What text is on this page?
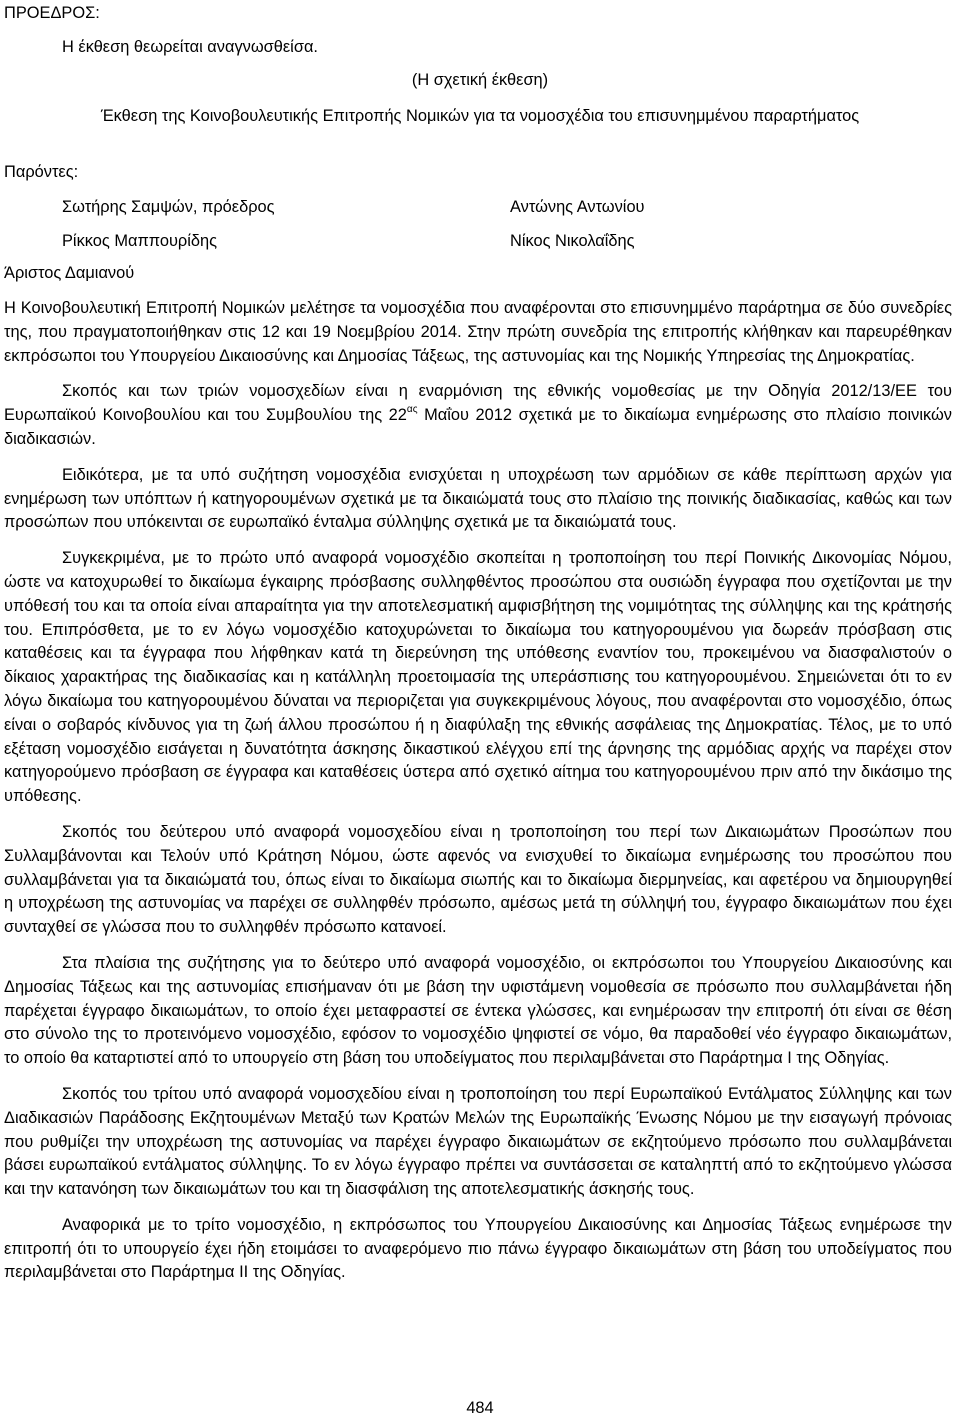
ΠΡΟΕΔΡΟΣ:
Η έκθεση θεωρείται αναγνωσθείσα.
(Η σχετική έκθεση)
Έκθεση της Κοινοβουλευτικής Επιτροπής Νομικών για τα νομοσχέδια του επισυνημμένου παραρτήματος
Παρόντες:
Σωτήρης Σαμψών, πρόεδρος
Ρίκκος Μαππουρίδης
Άριστος Δαμιανού
Αντώνης Αντωνίου
Νίκος Νικολαΐδης

Η Κοινοβουλευτική Επιτροπή Νομικών μελέτησε τα νομοσχέδια που αναφέρονται στο επισυνημμένο παράρτημα σε δύο συνεδρίες της, που πραγματοποιήθηκαν στις 12 και 19 Νοεμβρίου 2014. Στην πρώτη συνεδρία της επιτροπής κλήθηκαν και παρευρέθηκαν εκπρόσωποι του Υπουργείου Δικαιοσύνης και Δημοσίας Τάξεως, της αστυνομίας και της Νομικής Υπηρεσίας της Δημοκρατίας.

Σκοπός και των τριών νομοσχεδίων είναι η εναρμόνιση της εθνικής νομοθεσίας με την Οδηγία 2012/13/ΕΕ του Ευρωπαϊκού Κοινοβουλίου και του Συμβουλίου της $22^{\alpha\varsigma}$ Μαΐου 2012 σχετικά με το δικαίωμα ενημέρωσης στο πλαίσιο ποινικών διαδικασιών.

Ειδικότερα, με τα υπό συζήτηση νομοσχέδια ενισχύεται η υποχρέωση των αρμόδιων σε κάθε περίπτωση αρχών για ενημέρωση των υπόπτων ή κατηγορουμένων σχετικά με τα δικαιώματά τους στο πλαίσιο της ποινικής διαδικασίας, καθώς και των προσώπων που υπόκεινται σε ευρωπαϊκό ένταλμα σύλληψης σχετικά με τα δικαιώματά τους.

Συγκεκριμένα, με το πρώτο υπό αναφορά νομοσχέδιο σκοπείται η τροποποίηση του περί Ποινικής Δικονομίας Νόμου, ώστε να κατοχυρωθεί το δικαίωμα έγκαιρης πρόσβασης συλληφθέντος προσώπου στα ουσιώδη έγγραφα που σχετίζονται με την υπόθεσή του και τα οποία είναι απαραίτητα για την αποτελεσματική αμφισβήτηση της νομιμότητας της σύλληψης και της κράτησής του. Επιπρόσθετα, με το εν λόγω νομοσχέδιο κατοχυρώνεται το δικαίωμα του κατηγορουμένου για δωρεάν πρόσβαση στις καταθέσεις και τα έγγραφα που λήφθηκαν κατά τη διερεύνηση της υπόθεσης εναντίον του, προκειμένου να διασφαλιστούν ο δίκαιος χαρακτήρας της διαδικασίας και η κατάλληλη προετοιμασία της υπεράσπισης του κατηγορουμένου. Σημειώνεται ότι το εν λόγω δικαίωμα του κατηγορουμένου δύναται να περιοριζεται για συγκεκριμένους λόγους, που αναφέρονται στο νομοσχέδιο, όπως είναι ο σοβαρός κίνδυνος για τη ζωή άλλου προσώπου ή η διαφύλαξη της εθνικής ασφάλειας της Δημοκρατίας. Τέλος, με το υπό εξέταση νομοσχέδιο εισάγεται η δυνατότητα άσκησης δικαστικού ελέγχου επί της άρνησης της αρμόδιας αρχής να παρέχει στον κατηγορούμενο πρόσβαση σε έγγραφα και καταθέσεις ύστερα από σχετικό αίτημα του κατηγορουμένου πριν από την δικάσιμο της υπόθεσης.

Σκοπός του δεύτερου υπό αναφορά νομοσχεδίου είναι η τροποποίηση του περί των Δικαιωμάτων Προσώπων που Συλλαμβάνονται και Τελούν υπό Κράτηση Νόμου, ώστε αφενός να ενισχυθεί το δικαίωμα ενημέρωσης του προσώπου που συλλαμβάνεται για τα δικαιώματά του, όπως είναι το δικαίωμα σιωπής και το δικαίωμα διερμηνείας, και αφετέρου να δημιουργηθεί η υποχρέωση της αστυνομίας να παρέχει σε συλληφθέν πρόσωπο, αμέσως μετά τη σύλληψή του, έγγραφο δικαιωμάτων που έχει συνταχθεί σε γλώσσα που το συλληφθέν πρόσωπο κατανοεί.

Στα πλαίσια της συζήτησης για το δεύτερο υπό αναφορά νομοσχέδιο, οι εκπρόσωποι του Υπουργείου Δικαιοσύνης και Δημοσίας Τάξεως και της αστυνομίας επισήμαναν ότι με βάση την υφιστάμενη νομοθεσία σε πρόσωπο που συλλαμβάνεται ήδη παρέχεται έγγραφο δικαιωμάτων, το οποίο έχει μεταφραστεί σε έντεκα γλώσσες, και ενημέρωσαν την επιτροπή ότι είναι σε θέση στο σύνολο της το προτεινόμενο νομοσχέδιο, εφόσον το νομοσχέδιο ψηφιστεί σε νόμο, θα παραδοθεί νέο έγγραφο δικαιωμάτων, το οποίο θα καταρτιστεί από το υπουργείο στη βάση του υποδείγματος που περιλαμβάνεται στο Παράρτημα Ι της Οδηγίας.

Σκοπός του τρίτου υπό αναφορά νομοσχεδίου είναι η τροποποίηση του περί Ευρωπαϊκού Εντάλματος Σύλληψης και των Διαδικασιών Παράδοσης Εκζητουμένων Μεταξύ των Κρατών Μελών της Ευρωπαϊκής Ένωσης Νόμου με την εισαγωγή πρόνοιας που ρυθμίζει την υποχρέωση της αστυνομίας να παρέχει έγγραφο δικαιωμάτων σε εκζητούμενο πρόσωπο που συλλαμβάνεται βάσει ευρωπαϊκού εντάλματος σύλληψης. Το εν λόγω έγγραφο πρέπει να συντάσσεται σε καταληπτή από το εκζητούμενο γλώσσα και την κατανόηση των δικαιωμάτων του και τη διασφάλιση της αποτελεσματικής άσκησής τους.

Αναφορικά με το τρίτο νομοσχέδιο, η εκπρόσωπος του Υπουργείου Δικαιοσύνης και Δημοσίας Τάξεως ενημέρωσε την επιτροπή ότι το υπουργείο έχει ήδη ετοιμάσει το αναφερόμενο πιο πάνω έγγραφο δικαιωμάτων στη βάση του υποδείγματος που περιλαμβάνεται στο Παράρτημα ΙΙ της Οδηγίας.

484
